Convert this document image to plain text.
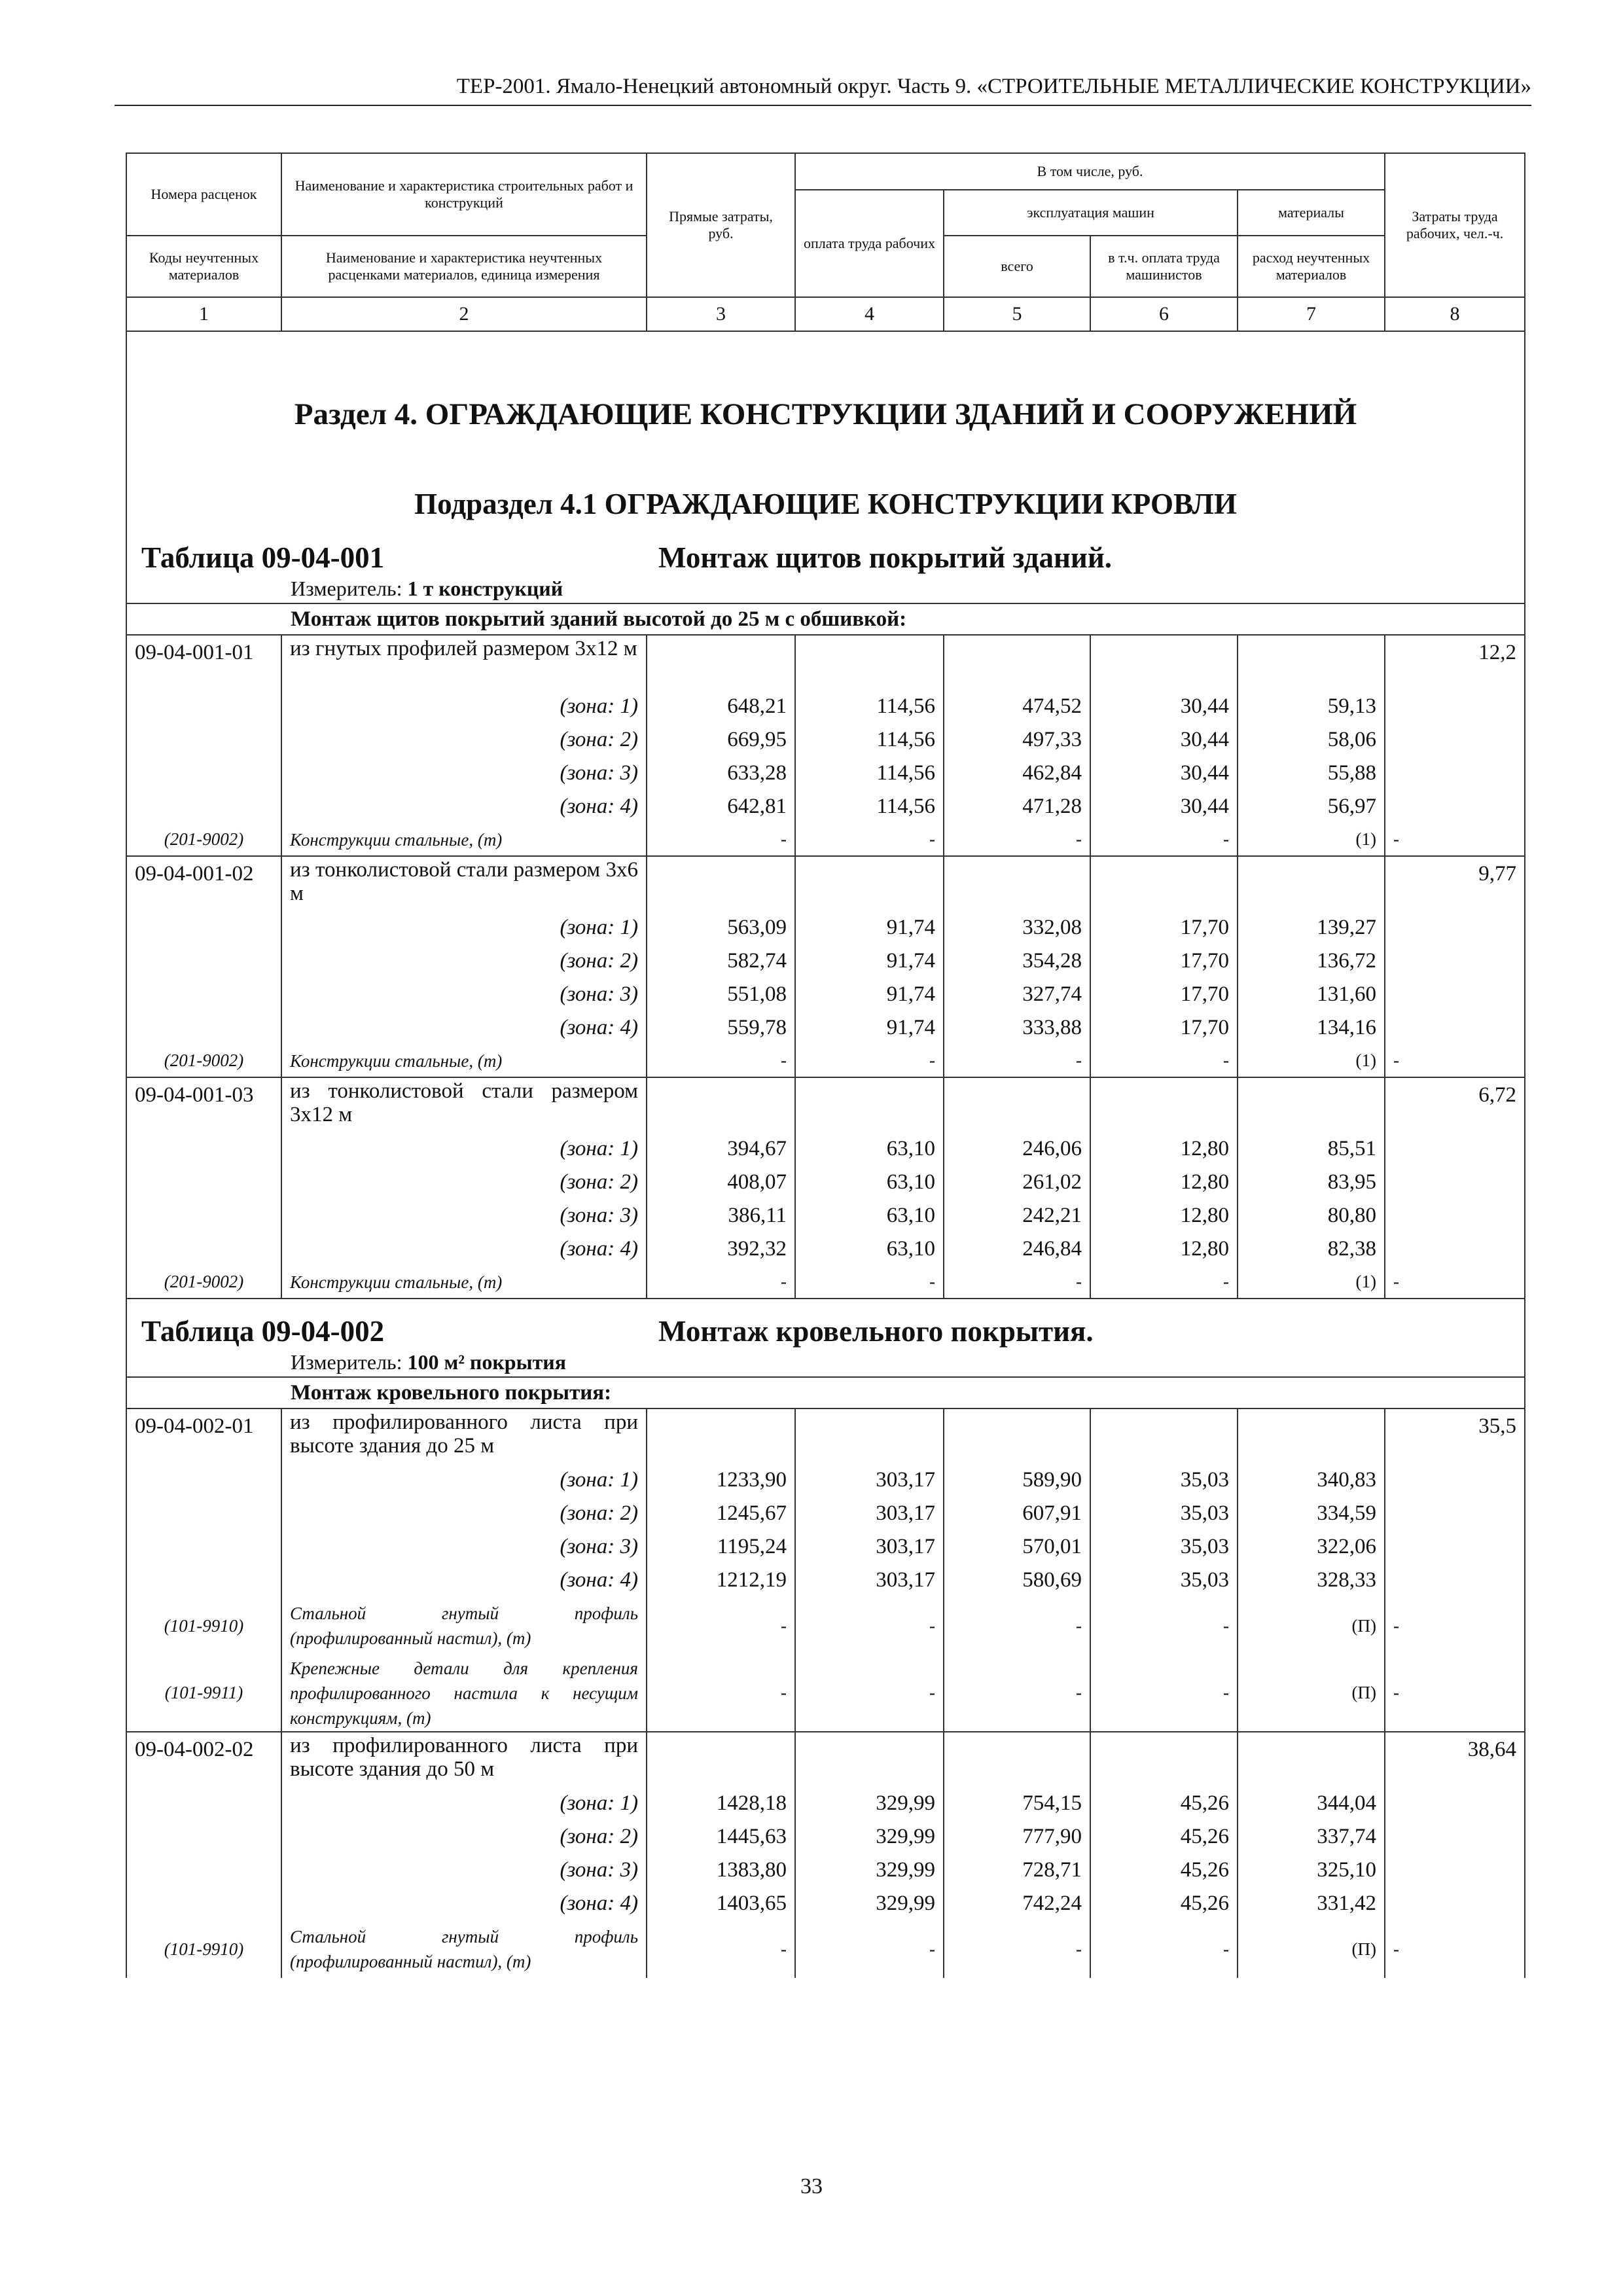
ТЕР-2001. Ямало-Ненецкий автономный округ. Часть 9. «СТРОИТЕЛЬНЫЕ МЕТАЛЛИЧЕСКИЕ КОНСТРУКЦИИ»
Номера расценок	Наименование и характеристика строительных работ и конструкций	Прямые затраты, руб.	В том числе, руб.				Затраты труда рабочих, чел.-ч.
			оплата труда рабочих	эксплуатация машин		материалы	
Коды неучтенных материалов	Наименование и характеристика неучтенных расценками материалов, единица измерения			всего	в т.ч. оплата труда машинистов	расход неучтенных материалов	
1	2	3	4	5	6	7	8
Раздел 4. ОГРАЖДАЮЩИЕ КОНСТРУКЦИИ ЗДАНИЙ И СООРУЖЕНИЙ							
Подраздел 4.1 ОГРАЖДАЮЩИЕ КОНСТРУКЦИИ КРОВЛИ							
Таблица 09-04-001 Монтаж щитов покрытий зданий.							
Измеритель: 1 т конструкций							
Монтаж щитов покрытий зданий высотой до 25 м с обшивкой:							
09-04-001-01	из гнутых профилей размером 3х12 м						12,2
	(зона: 1)	648,21	114,56	474,52	30,44	59,13	
	(зона: 2)	669,95	114,56	497,33	30,44	58,06	
	(зона: 3)	633,28	114,56	462,84	30,44	55,88	
	(зона: 4)	642,81	114,56	471,28	30,44	56,97	
(201-9002)	Конструкции стальные, (т)	-	-	-	-	(1)	-
09-04-001-02	из тонколистовой стали размером 3х6 м						9,77
	(зона: 1)	563,09	91,74	332,08	17,70	139,27	
	(зона: 2)	582,74	91,74	354,28	17,70	136,72	
	(зона: 3)	551,08	91,74	327,74	17,70	131,60	
	(зона: 4)	559,78	91,74	333,88	17,70	134,16	
(201-9002)	Конструкции стальные, (т)	-	-	-	-	(1)	-
09-04-001-03	из тонколистовой стали размером 3х12 м						6,72
	(зона: 1)	394,67	63,10	246,06	12,80	85,51	
	(зона: 2)	408,07	63,10	261,02	12,80	83,95	
	(зона: 3)	386,11	63,10	242,21	12,80	80,80	
	(зона: 4)	392,32	63,10	246,84	12,80	82,38	
(201-9002)	Конструкции стальные, (т)	-	-	-	-	(1)	-
Таблица 09-04-002 Монтаж кровельного покрытия.							
Измеритель: 100 м² покрытия							
Монтаж кровельного покрытия:							
09-04-002-01	из профилированного листа при высоте здания до 25 м						35,5
	(зона: 1)	1233,90	303,17	589,90	35,03	340,83	
	(зона: 2)	1245,67	303,17	607,91	35,03	334,59	
	(зона: 3)	1195,24	303,17	570,01	35,03	322,06	
	(зона: 4)	1212,19	303,17	580,69	35,03	328,33	
(101-9910)	Стальной гнутый профиль (профилированный настил), (т)	-	-	-	-	(П)	-
(101-9911)	Крепежные детали для крепления профилированного настила к несущим конструкциям, (т)	-	-	-	-	(П)	-
09-04-002-02	из профилированного листа при высоте здания до 50 м						38,64
	(зона: 1)	1428,18	329,99	754,15	45,26	344,04	
	(зона: 2)	1445,63	329,99	777,90	45,26	337,74	
	(зона: 3)	1383,80	329,99	728,71	45,26	325,10	
	(зона: 4)	1403,65	329,99	742,24	45,26	331,42	
(101-9910)	Стальной гнутый профиль (профилированный настил), (т)	-	-	-	-	(П)	-
33
